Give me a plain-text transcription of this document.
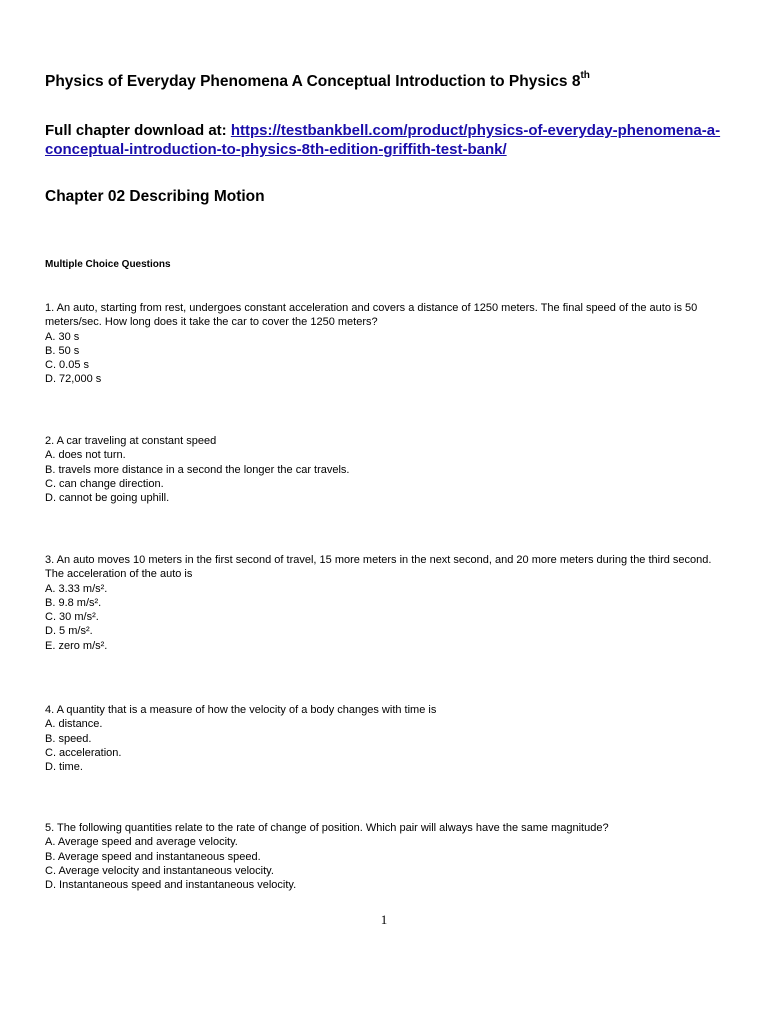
Physics of Everyday Phenomena A Conceptual Introduction to Physics 8th
Full chapter download at: https://testbankbell.com/product/physics-of-everyday-phenomena-a-conceptual-introduction-to-physics-8th-edition-griffith-test-bank/
Chapter 02 Describing Motion
Multiple Choice Questions
1. An auto, starting from rest, undergoes constant acceleration and covers a distance of 1250 meters. The final speed of the auto is 50 meters/sec. How long does it take the car to cover the 1250 meters?
A. 30 s
B. 50 s
C. 0.05 s
D. 72,000 s
2. A car traveling at constant speed
A. does not turn.
B. travels more distance in a second the longer the car travels.
C. can change direction.
D. cannot be going uphill.
3. An auto moves 10 meters in the first second of travel, 15 more meters in the next second, and 20 more meters during the third second. The acceleration of the auto is
A. 3.33 m/s².
B. 9.8 m/s².
C. 30 m/s².
D. 5 m/s².
E. zero m/s².
4. A quantity that is a measure of how the velocity of a body changes with time is
A. distance.
B. speed.
C. acceleration.
D. time.
5. The following quantities relate to the rate of change of position. Which pair will always have the same magnitude?
A. Average speed and average velocity.
B. Average speed and instantaneous speed.
C. Average velocity and instantaneous velocity.
D. Instantaneous speed and instantaneous velocity.
1
